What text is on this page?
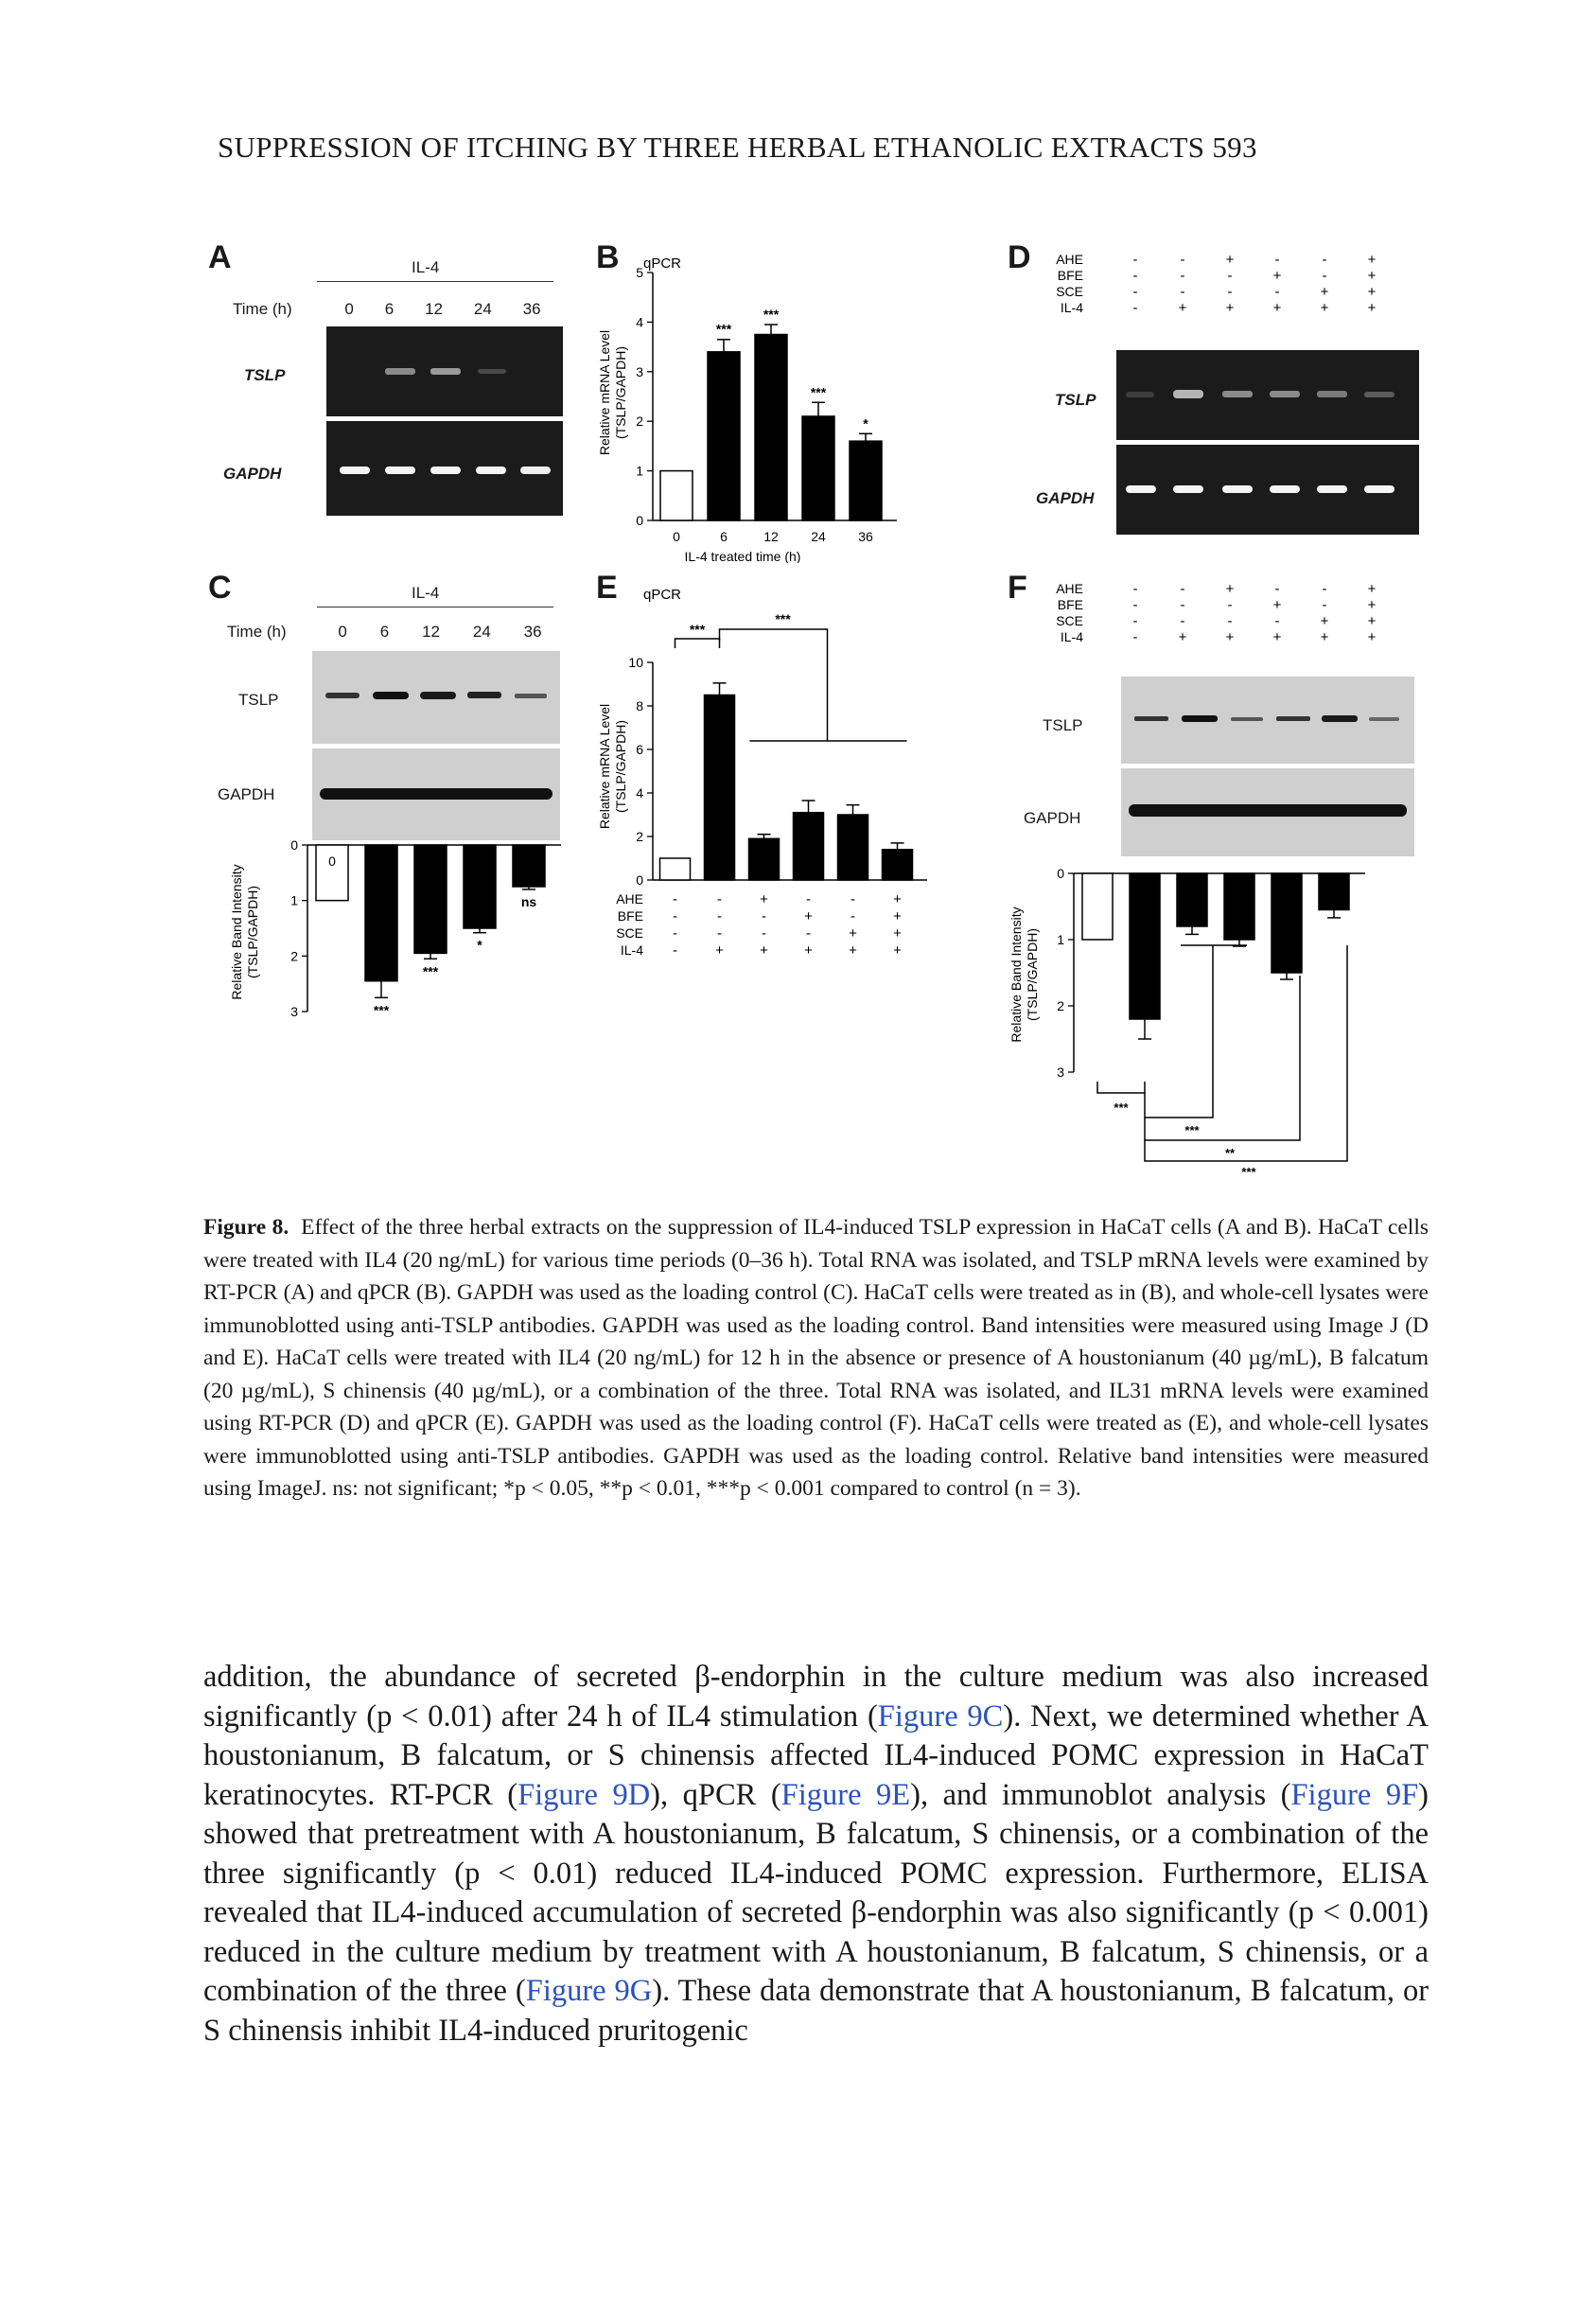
SUPPRESSION OF ITCHING BY THREE HERBAL ETHANOLIC EXTRACTS 593
A	IL-4
Time (h)	0 6 12 24 36
TSLP
GAPDH
B qPCR
0
1
2
3
4
5
0
***
6
***
12
***
24
*
36
IL-4 treated time (h)
Relative mRNA Level (TSLP/GAPDH)
D AHE	-	-	+	-	-	+
BFE	-	-	-	+	-	+
SCE	-	-	-	-	+	+
IL-4	-	+	+	+	+	+
TSLP
GAPDH
C	IL-4
Time (h)	0 6 12 24 36
TSLP
GAPDH
0
1
2
3
0
***
6
***
12
*
24
ns
36
Relative Band Intensity (TSLP/GAPDH)
E qPCR
0
2
4
6
8
10
***
***
Relative mRNA Level (TSLP/GAPDH)
AHE -	-	+	-	-	+
BFE -	-	-	+	-	+
SCE -	-	-	-	+	+
IL-4 -	+	+	+	+	+
F AHE	-	-	+	-	-	+
BFE	-	-	-	+	-	+
SCE	-	-	-	-	+	+
IL-4	-	+	+	+	+	+
TSLP
GAPDH
0
1
2
3
***
***
**
***
Relative Band Intensity (TSLP/GAPDH)
Figure 8. Effect of the three herbal extracts on the suppression of IL4-induced TSLP expression in HaCaT cells (A and B). HaCaT cells were treated with IL4 (20 ng/mL) for various time periods (0–36 h). Total RNA was isolated, and TSLP mRNA levels were examined by RT-PCR (A) and qPCR (B). GAPDH was used as the loading control (C). HaCaT cells were treated as in (B), and whole-cell lysates were immunoblotted using anti-TSLP antibodies. GAPDH was used as the loading control. Band intensities were measured using Image J (D and E). HaCaT cells were treated with IL4 (20 ng/mL) for 12 h in the absence or presence of A houstonianum (40 µg/mL), B falcatum (20 µg/mL), S chinensis (40 µg/mL), or a combination of the three. Total RNA was isolated, and IL31 mRNA levels were examined using RT-PCR (D) and qPCR (E). GAPDH was used as the loading control (F). HaCaT cells were treated as (E), and whole-cell lysates were immunoblotted using anti-TSLP antibodies. GAPDH was used as the loading control. Relative band intensities were measured using ImageJ. ns: not significant; *p < 0.05, **p < 0.01, ***p < 0.001 compared to control (n = 3).

addition, the abundance of secreted β-endorphin in the culture medium was also increased significantly (p < 0.01) after 24 h of IL4 stimulation (Figure 9C). Next, we determined whether A houstonianum, B falcatum, or S chinensis affected IL4-induced POMC expression in HaCaT keratinocytes. RT-PCR (Figure 9D), qPCR (Figure 9E), and immunoblot analysis (Figure 9F) showed that pretreatment with A houstonianum, B falcatum, S chinensis, or a combination of the three significantly (p < 0.01) reduced IL4-induced POMC expression. Furthermore, ELISA revealed that IL4-induced accumulation of secreted β-endorphin was also significantly (p < 0.001) reduced in the culture medium by treatment with A houstonianum, B falcatum, S chinensis, or a combination of the three (Figure 9G). These data demonstrate that A houstonianum, B falcatum, or S chinensis inhibit IL4-induced pruritogenic
